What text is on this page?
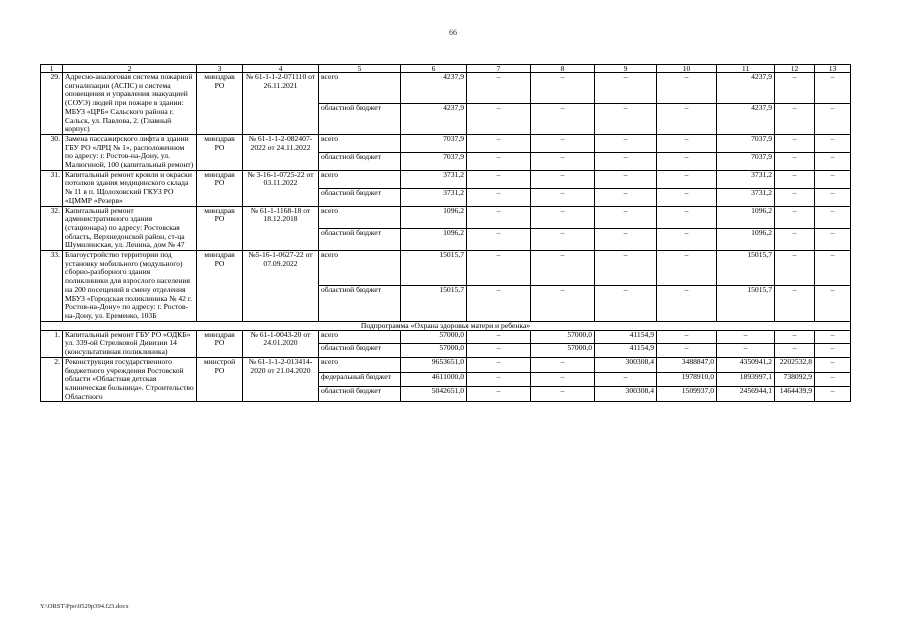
66
1	2	3	4	5	6	7	8	9	10	11	12	13
29.	Адресно-аналоговая система пожарной сигнализации (АСПС) и система оповещения и управления эвакуацией (СОУЭ) людей при пожаре в здании: МБУЗ «ЦРБ» Сальского района г. Сальск, ул. Павлова, 2. (Главный корпус)	минздрав РО	№ 61-1-1-2-071110 от 26.11.2021	всего	4237,9	–	–	–	–	4237,9	–	–
				областной бюджет	4237,9	–	–	–	–	4237,9	–	–
30.	Замена пассажирского лифта в здании ГБУ РО «ЛРЦ № 1», расположенном по адресу: г. Ростов-на-Дону, ул. Малюгиной, 100 (капитальный ремонт)	минздрав РО	№ 61-1-1-2-082407-2022 от 24.11.2022	всего	7037,9	–	–	–	–	7037,9	–	–
				областной бюджет	7037,9	–	–	–	–	7037,9	–	–
31.	Капитальный ремонт кровли и окраски потолков здания медицинского склада № 11 в п. Щолоховский ГКУЗ РО «ЦММР «Резерв»	минздрав РО	№ 3-16-1-0725-22 от 03.11.2022	всего	3731,2	–	–	–	–	3731,2	–	–
				областной бюджет	3731,2	–	–	–	–	3731,2	–	–
32.	Капитальный ремонт административного здания (стационара) по адресу: Ростовская область, Верхнедонской район, ст-ца Шумилинская, ул. Ленина, дом № 47	минздрав РО	№ 61-1-1168-18 от 18.12.2018	всего	1096,2	–	–	–	–	1096,2	–	–
				областной бюджет	1096,2	–	–	–	–	1096,2	–	–
33.	Благоустройство территории под установку мобильного (модульного) сборно-разборного здания поликлиники для взрослого населения на 200 посещений в смену отделения МБУЗ «Городская поликлиника № 42 г. Ростов-на-Дону» по адресу: г. Ростов-на-Дону, ул. Еременко, 103Б	минздрав РО	№5-16-1-0627-22 от 07.09.2022	всего	15015,7	–	–	–	–	15015,7	–	–
				областной бюджет	15015,7	–	–	–	–	15015,7	–	–
Подпрограмма «Охрана здоровья матери и ребенка»												
1.	Капитальный ремонт ГБУ РО «ОДКБ» ул. 339-ой Стрелковой Дивизии 14 (консультативная поликлиника)	минздрав РО	№ 61-1-0043-20 от 24.01.2020	всего	57000,0	–	57000,0	41154,9	–	–	–	–
				областной бюджет	57000,0	–	57000,0	41154,9	–	–	–	–
2.	Реконструкция государственного бюджетного учреждения Ростовской области «Областная детская клиническая больница». Строительство Областного	минстрой РО	№ 61-1-1-2-013414-2020 от 21.04.2020	всего	9653651,0	–	–	300308,4	3488847,0	4350941,2	2202532,8	–
				федеральный бюджет	4611000,0	–	–	–	1978910,0	1893997,1	738092,9	–
				областной бюджет	5042651,0	–	–	300308,4	1509937,0	2456944,1	1464439,9	–
Y:\ORST\Ppo\0529p394.f23.docx
